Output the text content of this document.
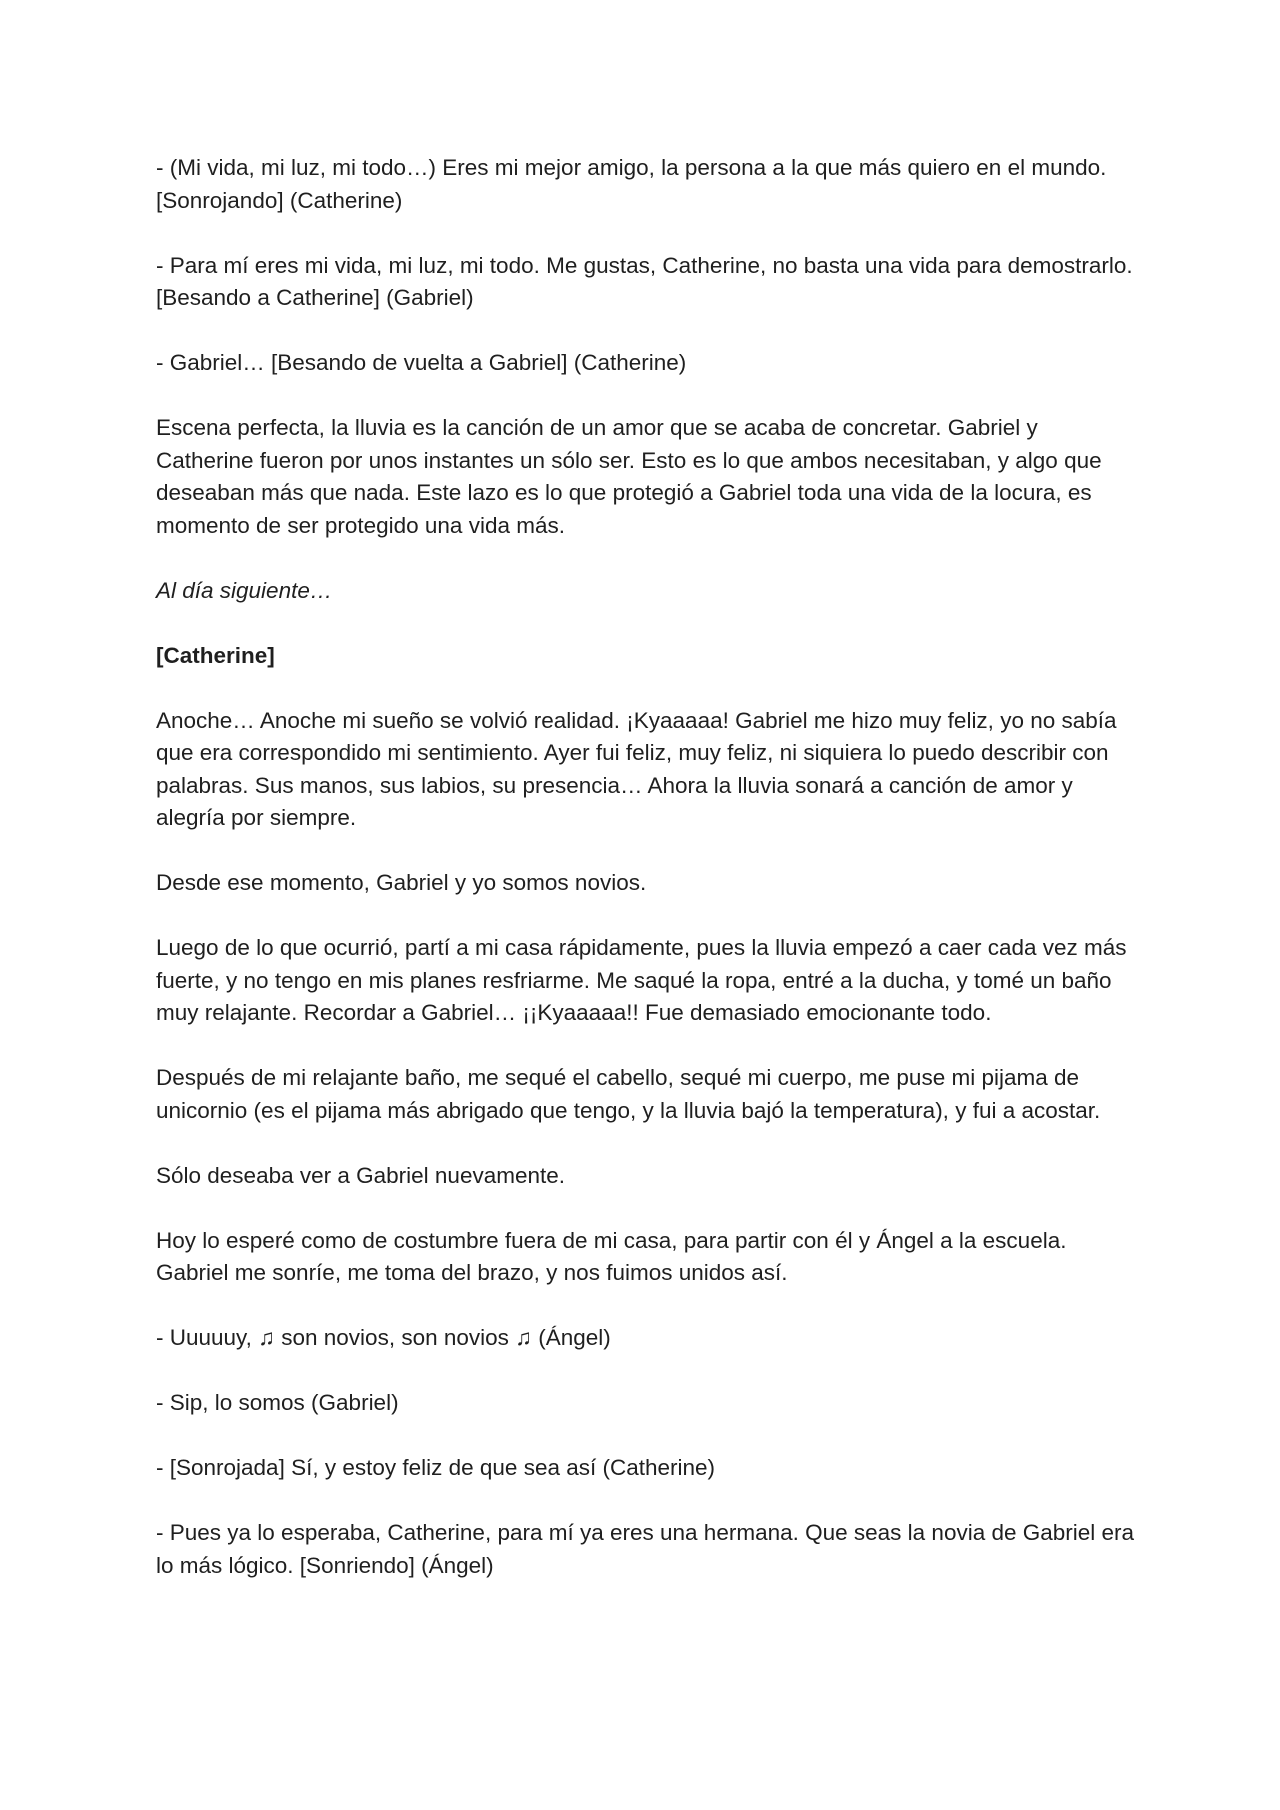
- (Mi vida, mi luz, mi todo…) Eres mi mejor amigo, la persona a la que más quiero en el mundo. [Sonrojando] (Catherine)

- Para mí eres mi vida, mi luz, mi todo. Me gustas, Catherine, no basta una vida para demostrarlo. [Besando a Catherine] (Gabriel)

- Gabriel… [Besando de vuelta a Gabriel] (Catherine)

Escena perfecta, la lluvia es la canción de un amor que se acaba de concretar. Gabriel y Catherine fueron por unos instantes un sólo ser. Esto es lo que ambos necesitaban, y algo que deseaban más que nada. Este lazo es lo que protegió a Gabriel toda una vida de la locura, es momento de ser protegido una vida más.

Al día siguiente…

[Catherine]

Anoche… Anoche mi sueño se volvió realidad. ¡Kyaaaaa! Gabriel me hizo muy feliz, yo no sabía que era correspondido mi sentimiento. Ayer fui feliz, muy feliz, ni siquiera lo puedo describir con palabras. Sus manos, sus labios, su presencia… Ahora la lluvia sonará a canción de amor y alegría por siempre.

Desde ese momento, Gabriel y yo somos novios.

Luego de lo que ocurrió, partí a mi casa rápidamente, pues la lluvia empezó a caer cada vez más fuerte, y no tengo en mis planes resfriarme. Me saqué la ropa, entré a la ducha, y tomé un baño muy relajante. Recordar a Gabriel… ¡¡Kyaaaaa!! Fue demasiado emocionante todo.

Después de mi relajante baño, me sequé el cabello, sequé mi cuerpo, me puse mi pijama de unicornio (es el pijama más abrigado que tengo, y la lluvia bajó la temperatura), y fui a acostar.

Sólo deseaba ver a Gabriel nuevamente.

Hoy lo esperé como de costumbre fuera de mi casa, para partir con él y Ángel a la escuela. Gabriel me sonríe, me toma del brazo, y nos fuimos unidos así.

- Uuuuuy, ♫ son novios, son novios ♫ (Ángel)

- Sip, lo somos (Gabriel)

- [Sonrojada] Sí, y estoy feliz de que sea así (Catherine)

- Pues ya lo esperaba, Catherine, para mí ya eres una hermana. Que seas la novia de Gabriel era lo más lógico. [Sonriendo] (Ángel)
